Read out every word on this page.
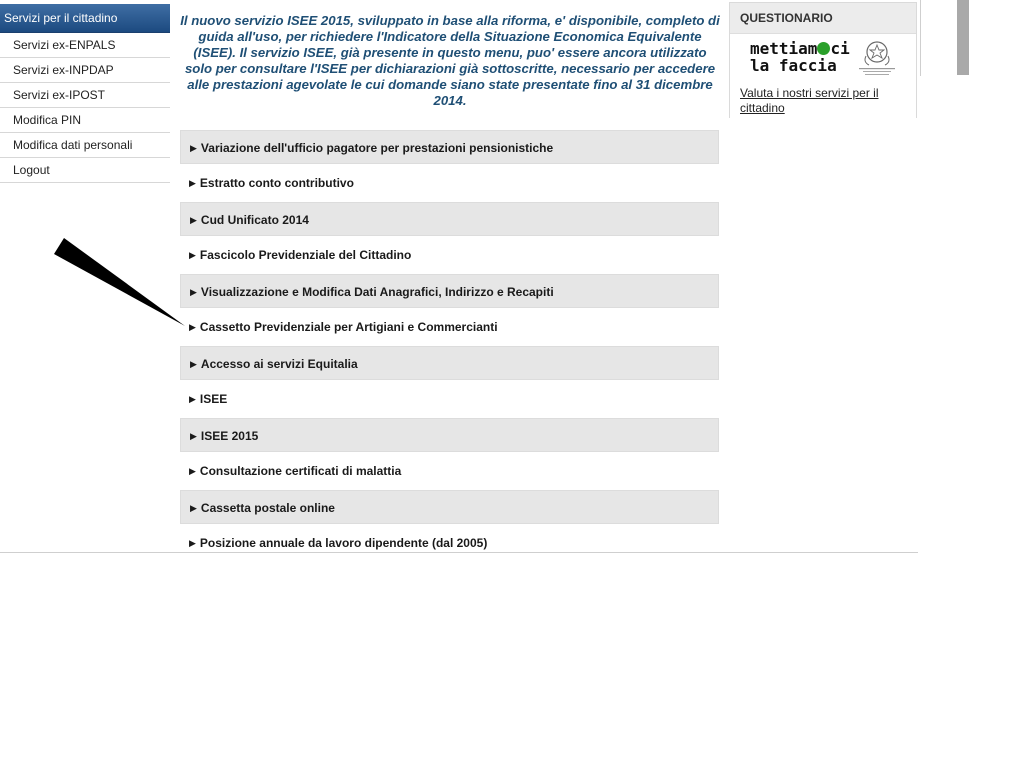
Servizi per il cittadino
Servizi ex-ENPALS
Servizi ex-INPDAP
Servizi ex-IPOST
Modifica PIN
Modifica dati personali
Logout
Il nuovo servizio ISEE 2015, sviluppato in base alla riforma, e' disponibile, completo di guida all'uso, per richiedere l'Indicatore della Situazione Economica Equivalente (ISEE). Il servizio ISEE, già presente in questo menu, puo' essere ancora utilizzato solo per consultare l'ISEE per dichiarazioni già sottoscritte, necessario per accedere alle prestazioni agevolate le cui domande siano state presentate fino al 31 dicembre 2014.
▶ Variazione dell'ufficio pagatore per prestazioni pensionistiche
▶ Estratto conto contributivo
▶ Cud Unificato 2014
▶ Fascicolo Previdenziale del Cittadino
▶ Visualizzazione e Modifica Dati Anagrafici, Indirizzo e Recapiti
▶ Cassetto Previdenziale per Artigiani e Commercianti
▶ Accesso ai servizi Equitalia
▶ ISEE
▶ ISEE 2015
▶ Consultazione certificati di malattia
▶ Cassetta postale online
▶ Posizione annuale da lavoro dipendente (dal 2005)
QUESTIONARIO
mettiam ci
la faccia
Valuta i nostri servizi per il cittadino
